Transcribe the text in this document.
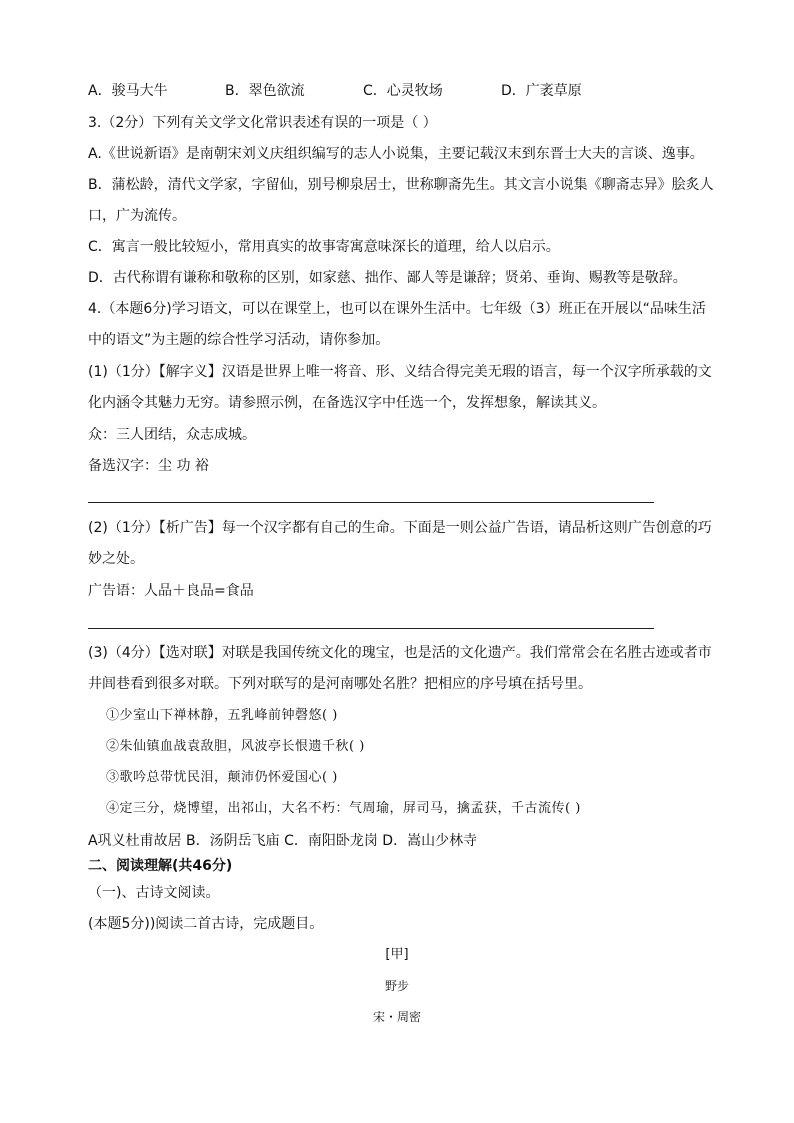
A．骏马大牛	B．翠色欲流	C．心灵牧场	D．广袤草原
3.（2分）下列有关文学文化常识表述有误的一项是（ ）
A.《世说新语》是南朝宋刘义庆组织编写的志人小说集，主要记载汉末到东晋士大夫的言谈、逸事。
B．蒲松龄，清代文学家，字留仙，别号柳泉居士，世称聊斋先生。其文言小说集《聊斋志异》脍炙人
口，广为流传。
C．寓言一般比较短小，常用真实的故事寄寓意味深长的道理，给人以启示。
D．古代称谓有谦称和敬称的区别，如家慈、拙作、鄙人等是谦辞；贤弟、垂询、赐教等是敬辞。
4.（本题6分)学习语文，可以在课堂上，也可以在课外生活中。七年级（3）班正在开展以“品味生活
中的语文”为主题的综合性学习活动，请你参加。
(1)（1分）【解字义】汉语是世界上唯一将音、形、义结合得完美无瑕的语言，每一个汉字所承载的文
化内涵令其魅力无穷。请参照示例，在备选汉字中任选一个，发挥想象，解读其义。
众：三人团结，众志成城。
备选汉字：尘 功 裕
(2)（1分）【析广告】每一个汉字都有自己的生命。下面是一则公益广告语，请品析这则广告创意的巧
妙之处。
广告语：人品＋良品=食品
(3)（4分）【选对联】对联是我国传统文化的瑰宝，也是活的文化遗产。我们常常会在名胜古迹或者市
井闾巷看到很多对联。下列对联写的是河南哪处名胜？把相应的序号填在括号里。
①少室山下禅林静，五乳峰前钟磬悠( )
②朱仙镇血战袁敌胆，风波亭长恨遗千秋( )
③歌吟总带忧民泪，颠沛仍怀爱国心( )
④定三分，烧博望，出祁山，大名不朽：气周瑜，屏司马，擒孟获，千古流传( )
A巩义杜甫故居 B．汤阴岳飞庙 C．南阳卧龙岗 D．嵩山少林寺
二、阅读理解(共46分)
（一)、古诗文阅读。
(本题5分))阅读二首古诗，完成题目。
[甲]
野步
宋・周密
